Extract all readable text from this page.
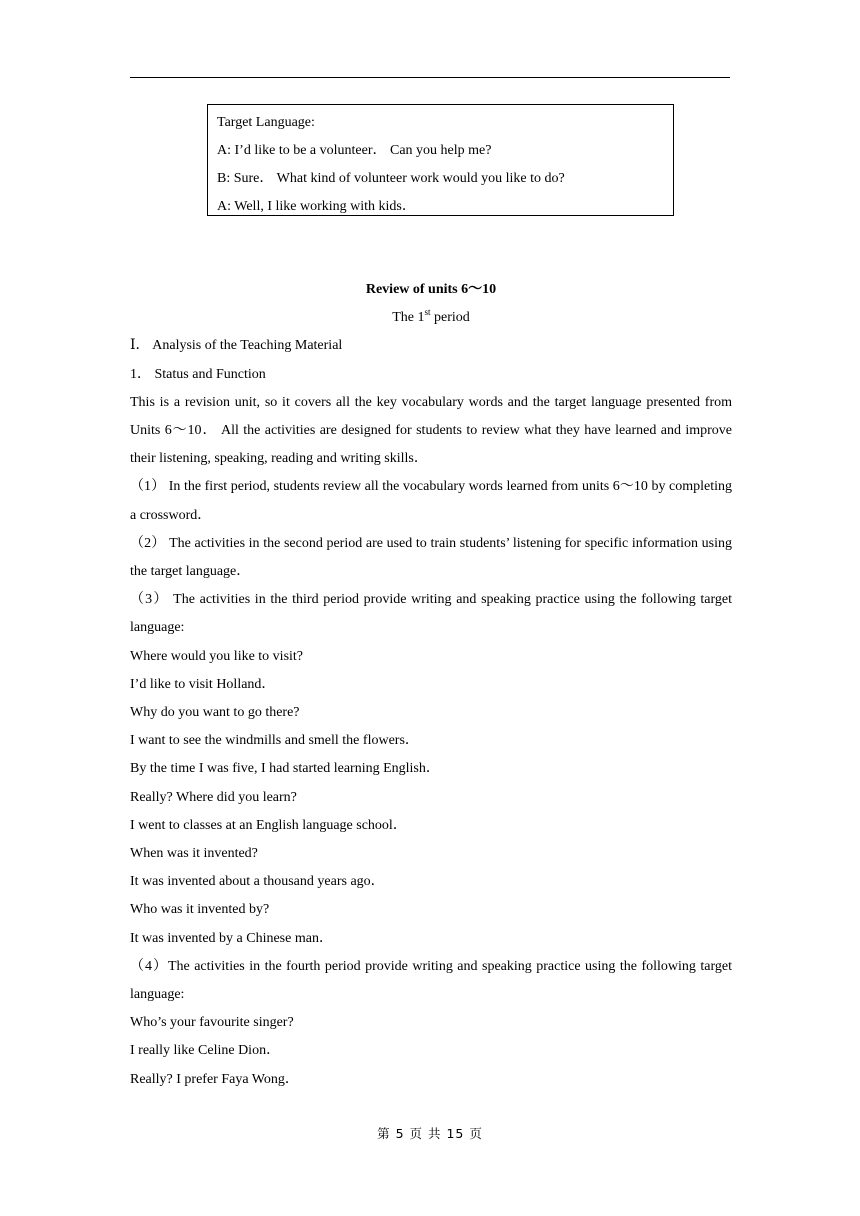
Target Language:
A: I’d like to be a volunteer． Can you help me?
B: Sure． What kind of volunteer work would you like to do?
A: Well, I like working with kids．
Review of units 6～10
The 1st period
Ⅰ． Analysis of the Teaching Material
1． Status and Function
This is a revision unit, so it covers all the key vocabulary words and the target language presented from Units 6～10． All the activities are designed for students to review what they have learned and improve their listening, speaking, reading and writing skills．
（1） In the first period, students review all the vocabulary words learned from units 6～10 by completing a crossword．
（2） The activities in the second period are used to train students’ listening for specific information using the target language．
（3） The activities in the third period provide writing and speaking practice using the following target language:
Where would you like to visit?
I’d like to visit Holland．
Why do you want to go there?
I want to see the windmills and smell the flowers．
By the time I was five, I had started learning English．
Really? Where did you learn?
I went to classes at an English language school．
When was it invented?
It was invented about a thousand years ago．
Who was it invented by?
It was invented by a Chinese man．
（4）The activities in the fourth period provide writing and speaking practice using the following target language:
Who’s your favourite singer?
I really like Celine Dion．
Really? I prefer Faya Wong．
第 5 页 共 15 页
